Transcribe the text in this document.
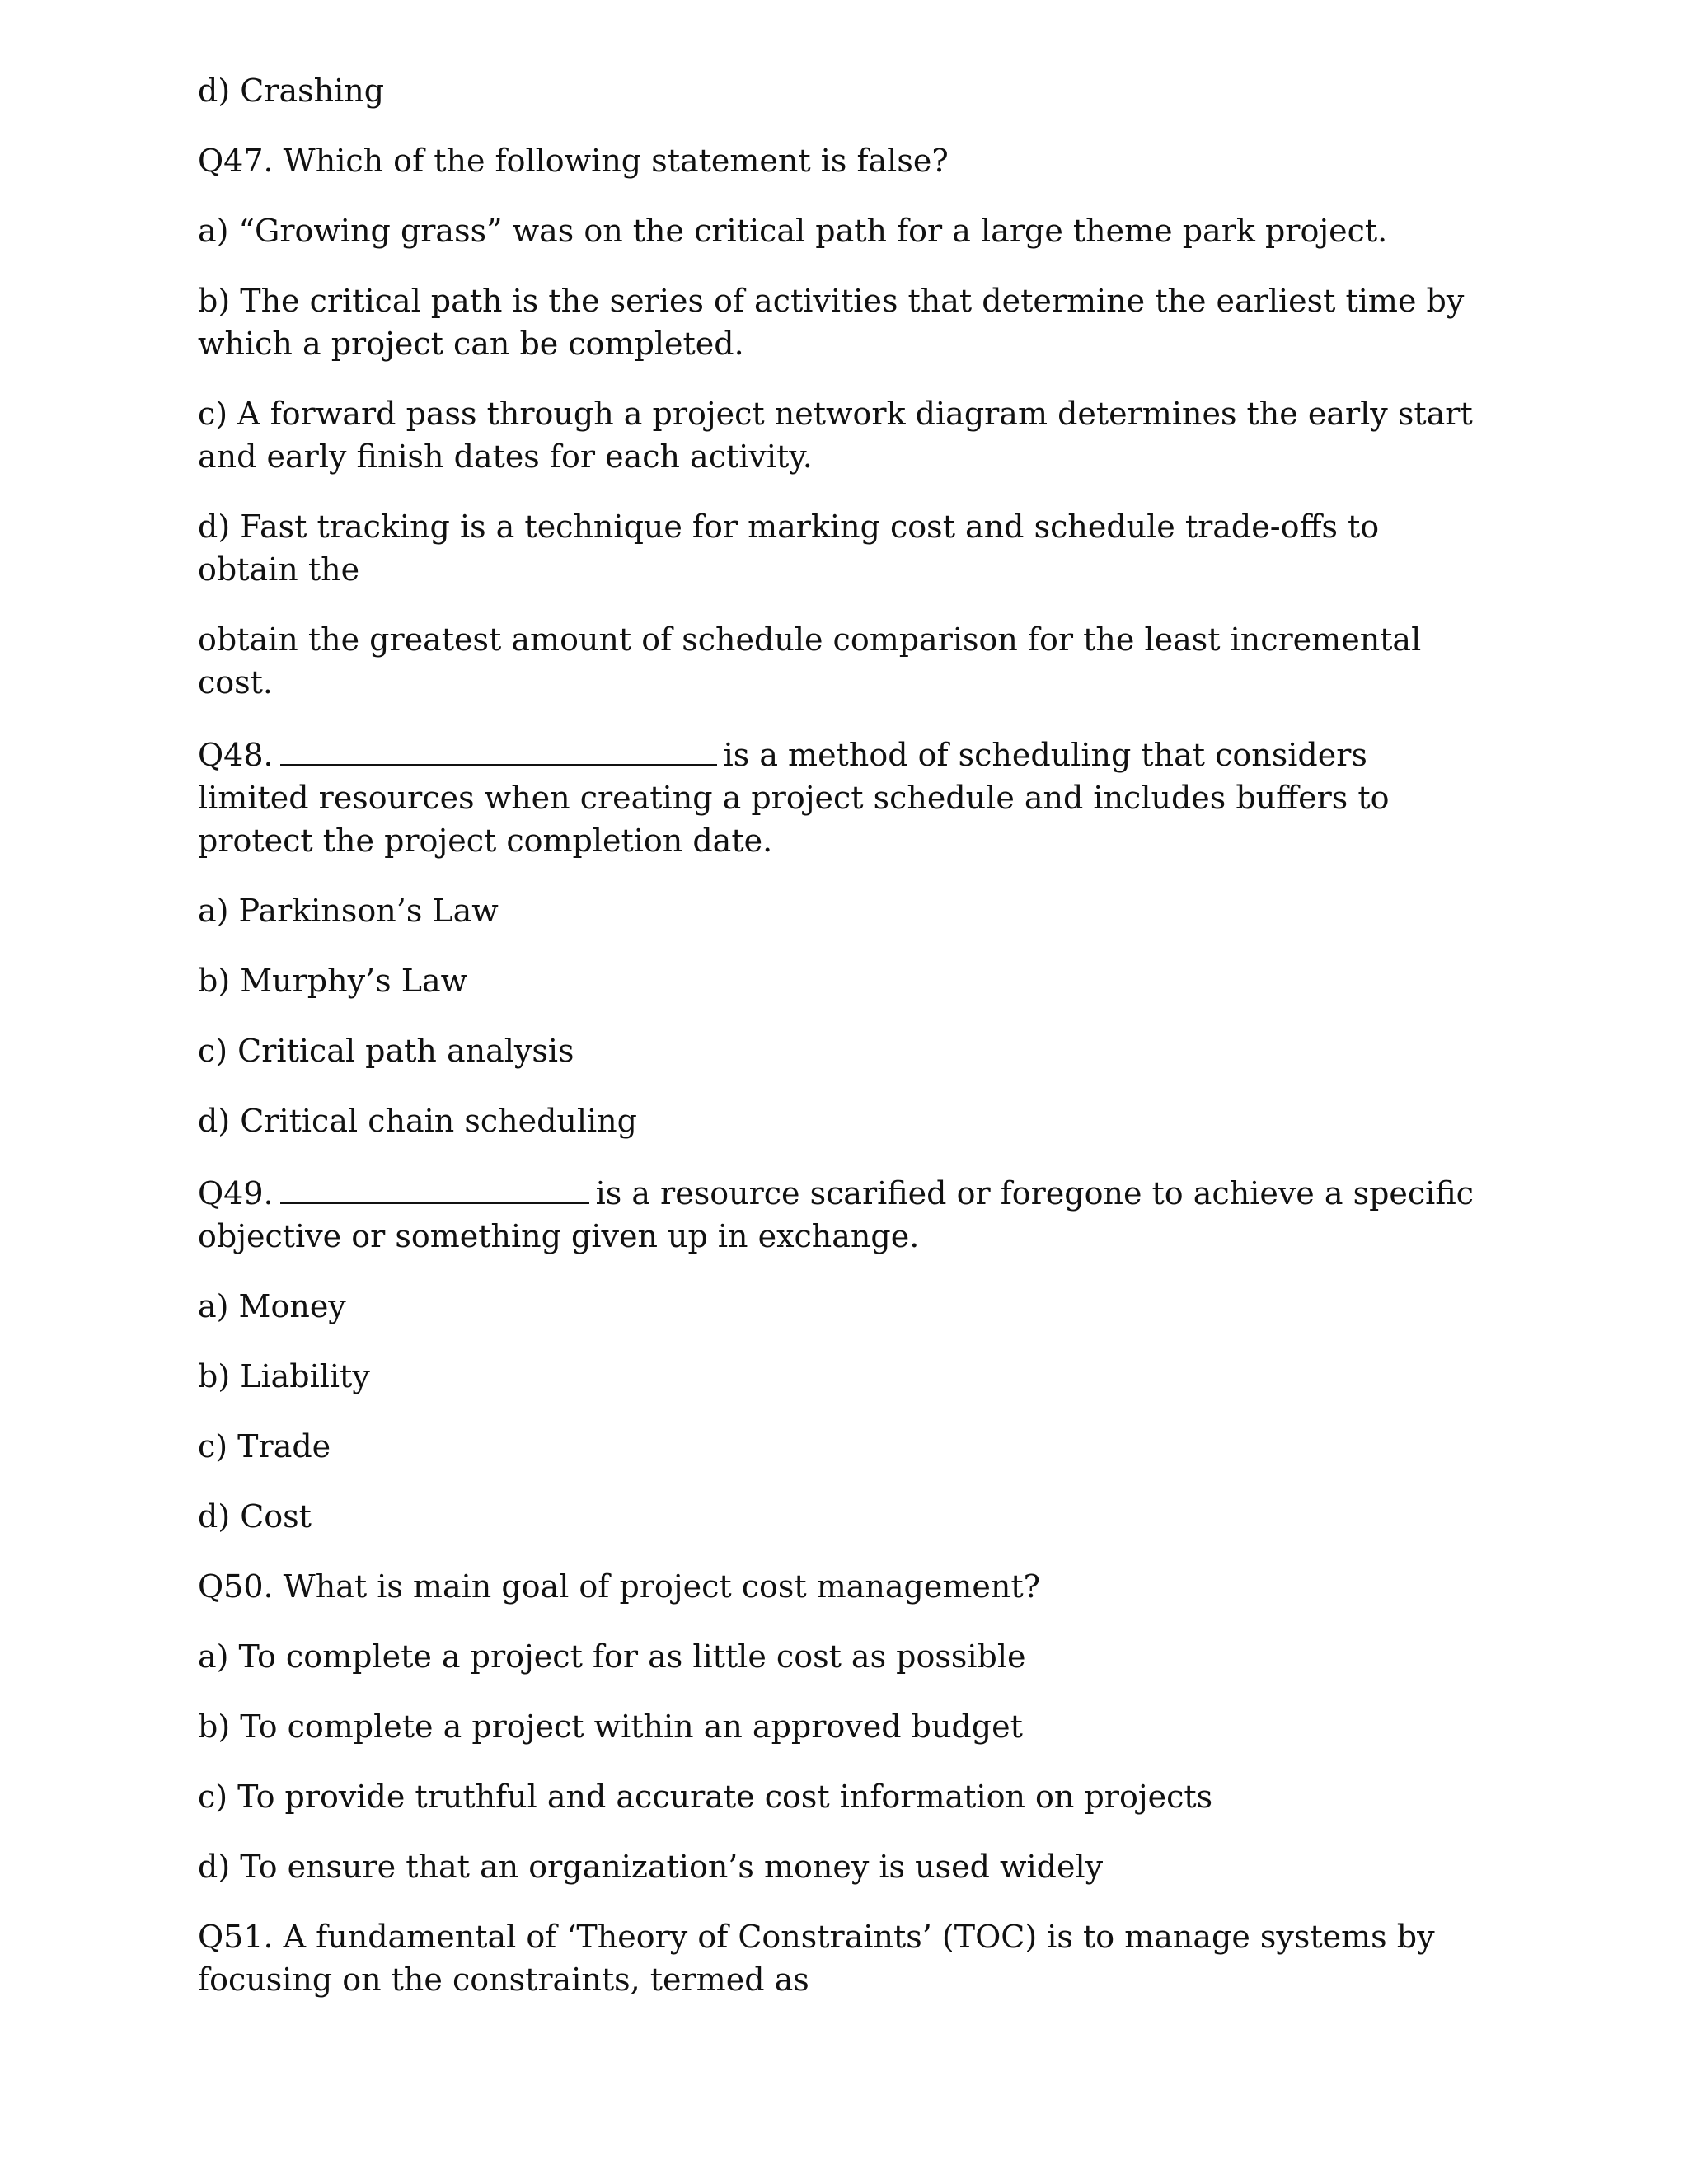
d) Crashing

Q47. Which of the following statement is false?

a) “Growing grass” was on the critical path for a large theme park project.

b) The critical path is the series of activities that determine the earliest time by which a project can be completed.

c) A forward pass through a project network diagram determines the early start and early finish dates for each activity.

d) Fast tracking is a technique for marking cost and schedule trade-offs to obtain the

obtain the greatest amount of schedule comparison for the least incremental cost.

Q48.	is a method of scheduling that considers limited resources when creating a project schedule and includes buffers to protect the project completion date.

a) Parkinson’s Law

b) Murphy’s Law

c) Critical path analysis

d) Critical chain scheduling

Q49.	is a resource scarified or foregone to achieve a specific objective or something given up in exchange.

a) Money

b) Liability

c) Trade

d) Cost

Q50. What is main goal of project cost management?

a) To complete a project for as little cost as possible

b) To complete a project within an approved budget

c) To provide truthful and accurate cost information on projects

d) To ensure that an organization’s money is used widely

Q51. A fundamental of ‘Theory of Constraints’ (TOC) is to manage systems by focusing on the constraints, termed as
